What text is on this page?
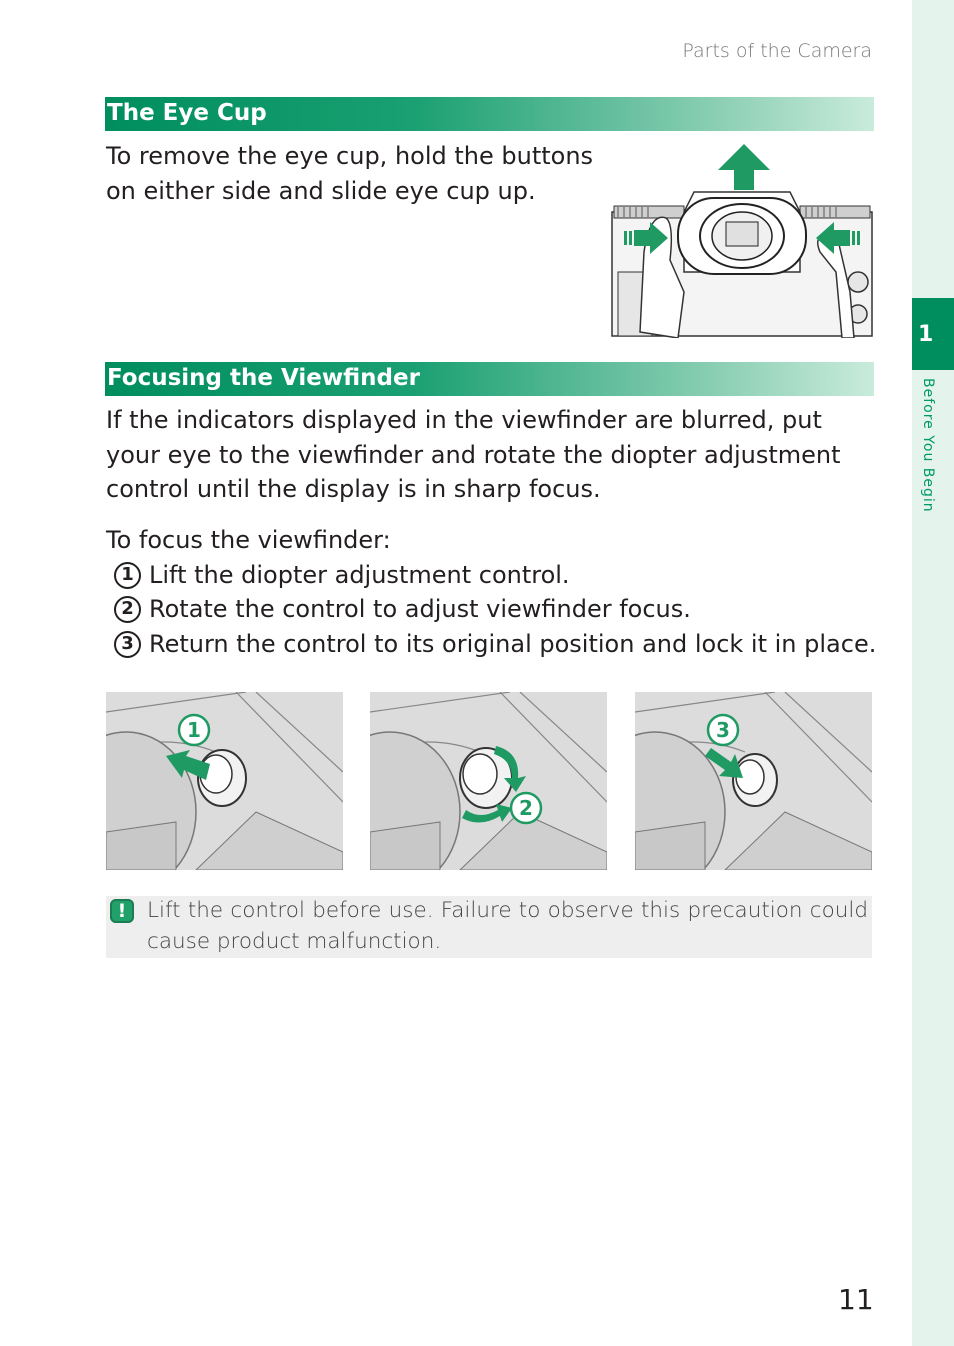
1
Before You Begin
Parts of the Camera
The Eye Cup
To remove the eye cup, hold the buttons on either side and slide eye cup up.
Focusing the Viewfinder
If the indicators displayed in the viewfinder are blurred, put your eye to the viewfinder and rotate the diopter adjustment control until the display is in sharp focus.
To focus the viewfinder:
1 Lift the diopter adjustment control.
2 Rotate the control to adjust viewfinder focus.
3 Return the control to its original position and lock it in place.
1
2
3
! Lift the control before use. Failure to observe this precaution could cause product malfunction.
11
